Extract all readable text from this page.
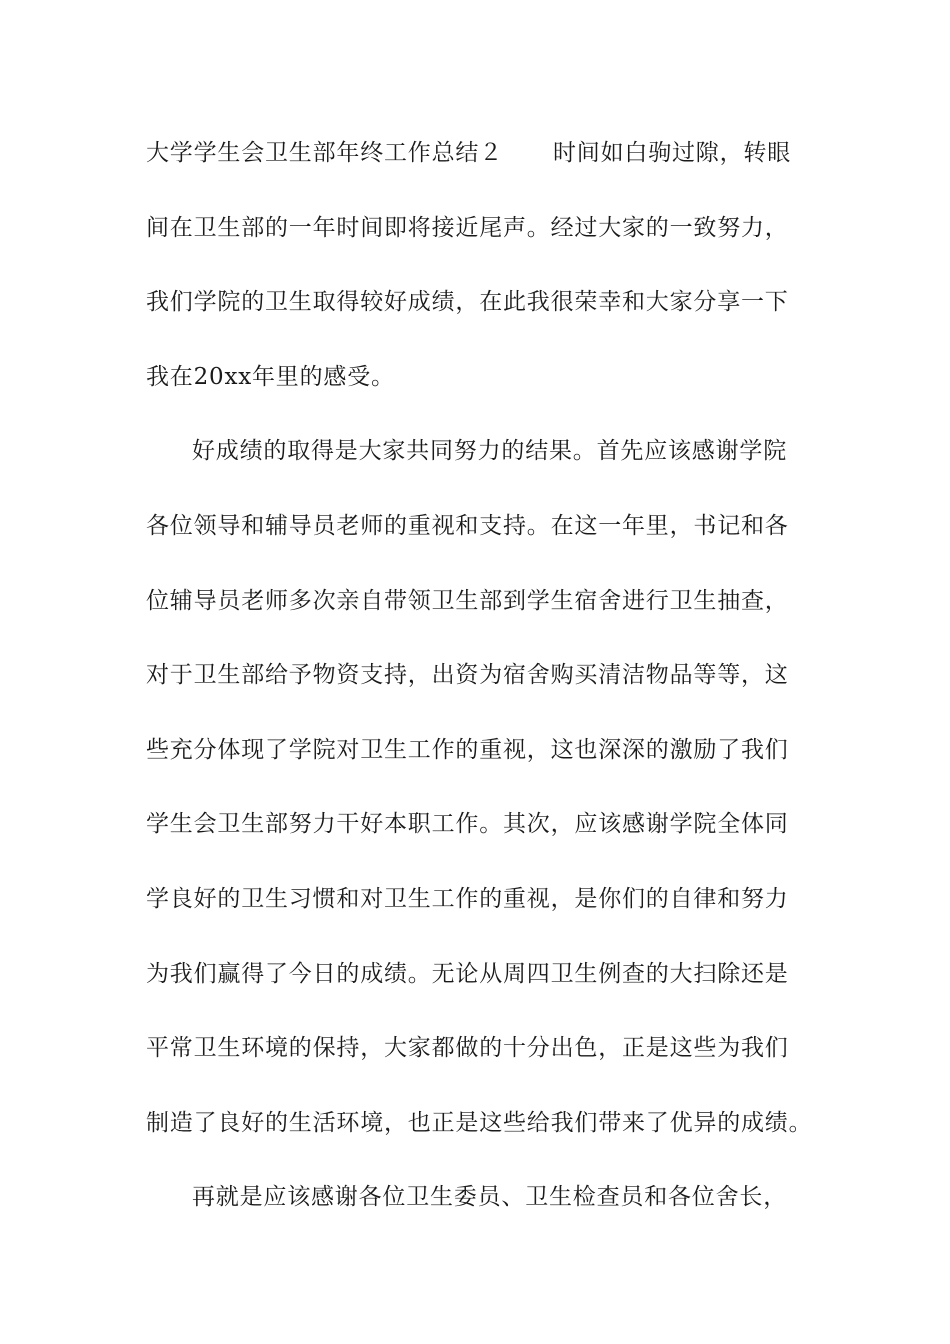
大学学生会卫生部年终工作总结２ 时间如白驹过隙，转眼
间在卫生部的一年时间即将接近尾声。经过大家的一致努力，
我们学院的卫生取得较好成绩，在此我很荣幸和大家分享一下
我在20xx年里的感受。
好成绩的取得是大家共同努力的结果。首先应该感谢学院
各位领导和辅导员老师的重视和支持。在这一年里，书记和各
位辅导员老师多次亲自带领卫生部到学生宿舍进行卫生抽查，
对于卫生部给予物资支持，出资为宿舍购买清洁物品等等，这
些充分体现了学院对卫生工作的重视，这也深深的激励了我们
学生会卫生部努力干好本职工作。其次，应该感谢学院全体同
学良好的卫生习惯和对卫生工作的重视，是你们的自律和努力
为我们赢得了今日的成绩。无论从周四卫生例查的大扫除还是
平常卫生环境的保持，大家都做的十分出色，正是这些为我们
制造了良好的生活环境，也正是这些给我们带来了优异的成绩。
再就是应该感谢各位卫生委员、卫生检查员和各位舍长，
